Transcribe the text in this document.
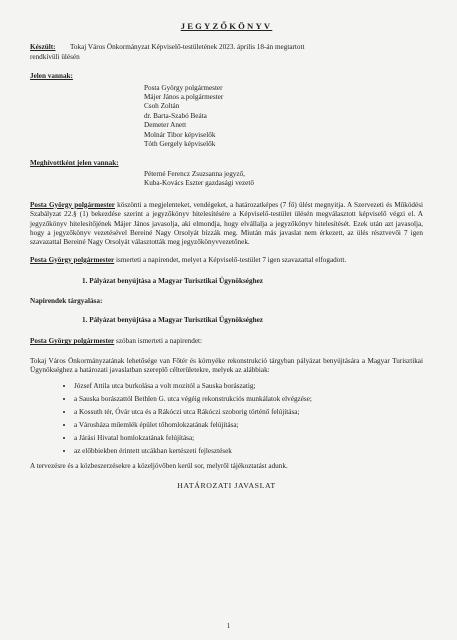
JEGYZŐKÖNYV
Készült:	Tokaj Város Önkormányzat Képviselő-testületének 2023. április 18-án megtartott
rendkívüli ülésén
Jelen vannak:
Posta György polgármester
Májer János a.polgármester
Csoh Zoltán
dr. Barta-Szabó Beáta
Demeter Anett
Molnár Tibor képviselők
Tóth Gergely képviselők
Meghívottként jelen vannak:
Péterné Ferencz Zsuzsanna jegyző,
Kuba-Kovács Eszter gazdasági vezető

Posta György polgármester köszönti a megjelenteket, vendégeket, a határozatképes (7 fő) ülést megnyitja. A Szervezeti és Működési Szabályzat 22.§ (1) bekezdése szerint a jegyzőkönyv hitelesítésére a Képviselő-testület ülésén megválasztott képviselő végzi el. A jegyzőkönyv hitelesítőjének Májer János javasolja, aki elmondja, hogy elvállalja a jegyzőkönyv hitelesítését. Ezek után azt javasolja, hogy a jegyzőkönyv vezetésével Bereiné Nagy Orsolyát bízzák meg. Miután más javaslat nem érkezett, az ülés résztvevői 7 igen szavazattal Bereiné Nagy Orsolyát választották meg jegyzőkönyvvezetőnek.

Posta György polgármester ismerteti a napirendet, melyet a Képviselő-testület 7 igen szavazattal elfogadott.

1. Pályázat benyújtása a Magyar Turisztikai Ügynökséghez
Napirendek tárgyalása:
1. Pályázat benyújtása a Magyar Turisztikai Ügynökséghez

Posta György polgármester szóban ismerteti a napirendet:

Tokaj Város Önkormányzatának lehetősége van Főtér és környéke rekonstrukció tárgyban pályázat benyújtására a Magyar Turisztikai Ügynökséghez a határozati javaslatban szereplő célterületekre, melyek az alábbiak:

• József Attila utca burkolása a volt mozitól a Sauska borászatig;
• a Sauska borászattól Bethlen G. utca végéig rekonstrukciós munkálatok elvégzése;
• a Kossuth tér, Óvár utca és a Rákóczi utca Rákóczi szoborig történő felújítása;
• a Városháza műemlék épület tőhomlokzatának felújítása;
• a Járási Hivatal homlokzatának felújítása;
• az előbbiekben érintett utcákban kertészeti fejlesztések

A tervezésre és a közbeszerzésekre a közeljövőben kerül sor, melyről tájékoztatást adunk.

HATÁROZATI JAVASLAT
1
